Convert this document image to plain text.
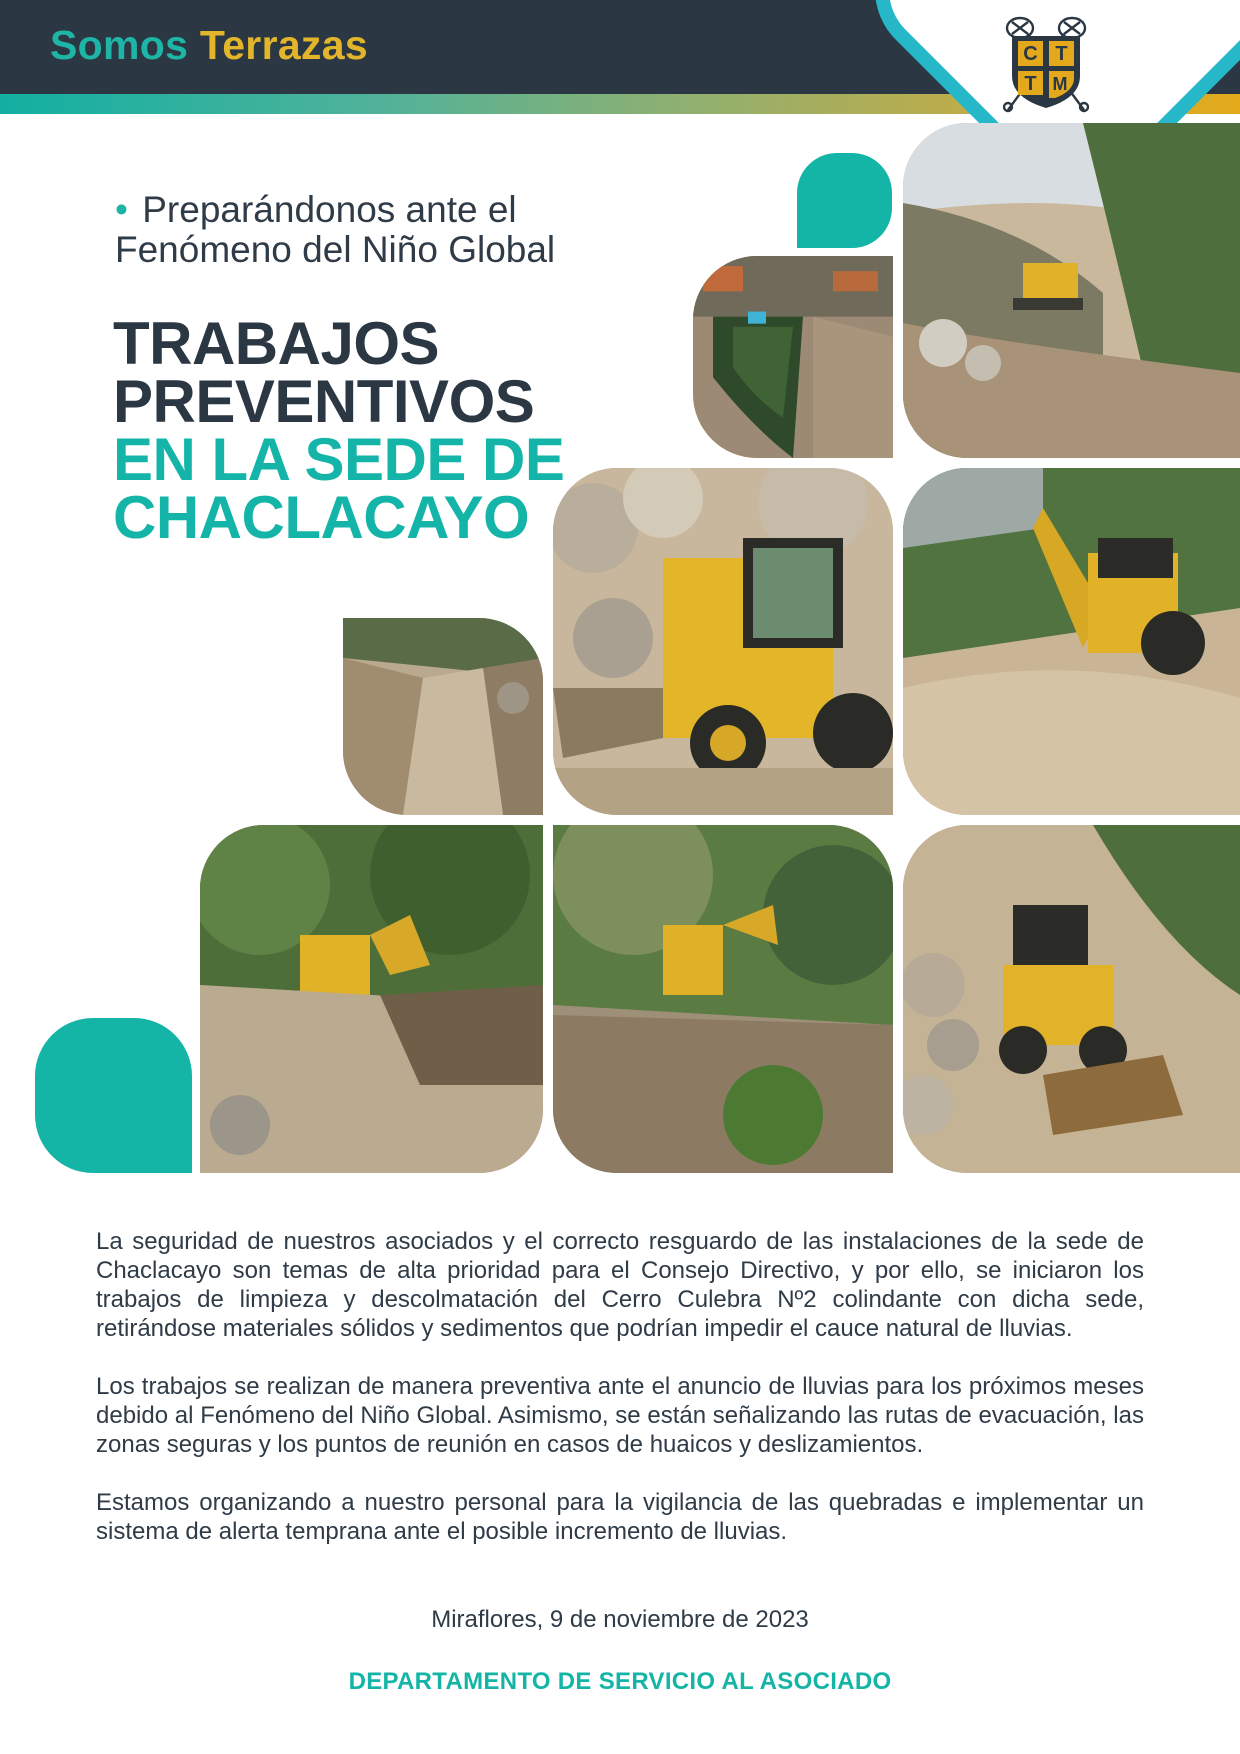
Somos Terrazas	C T
T M
• Preparándonos ante el Fenómeno del Niño Global
TRABAJOS
PREVENTIVOS
EN LA SEDE DE
CHACLACAYO

La seguridad de nuestros asociados y el correcto resguardo de las instalaciones de la sede de Chaclacayo son temas de alta prioridad para el Consejo Directivo, y por ello, se iniciaron los trabajos de limpieza y descolmatación del Cerro Culebra Nº2 colindante con dicha sede, retirándose materiales sólidos y sedimentos que podrían impedir el cauce natural de lluvias.

Los trabajos se realizan de manera preventiva ante el anuncio de lluvias para los próximos meses debido al Fenómeno del Niño Global. Asimismo, se están señalizando las rutas de evacuación, las zonas seguras y los puntos de reunión en casos de huaicos y deslizamientos.

Estamos organizando a nuestro personal para la vigilancia de las quebradas e implementar un sistema de alerta temprana ante el posible incremento de lluvias.

Miraflores, 9 de noviembre de 2023
DEPARTAMENTO DE SERVICIO AL ASOCIADO
